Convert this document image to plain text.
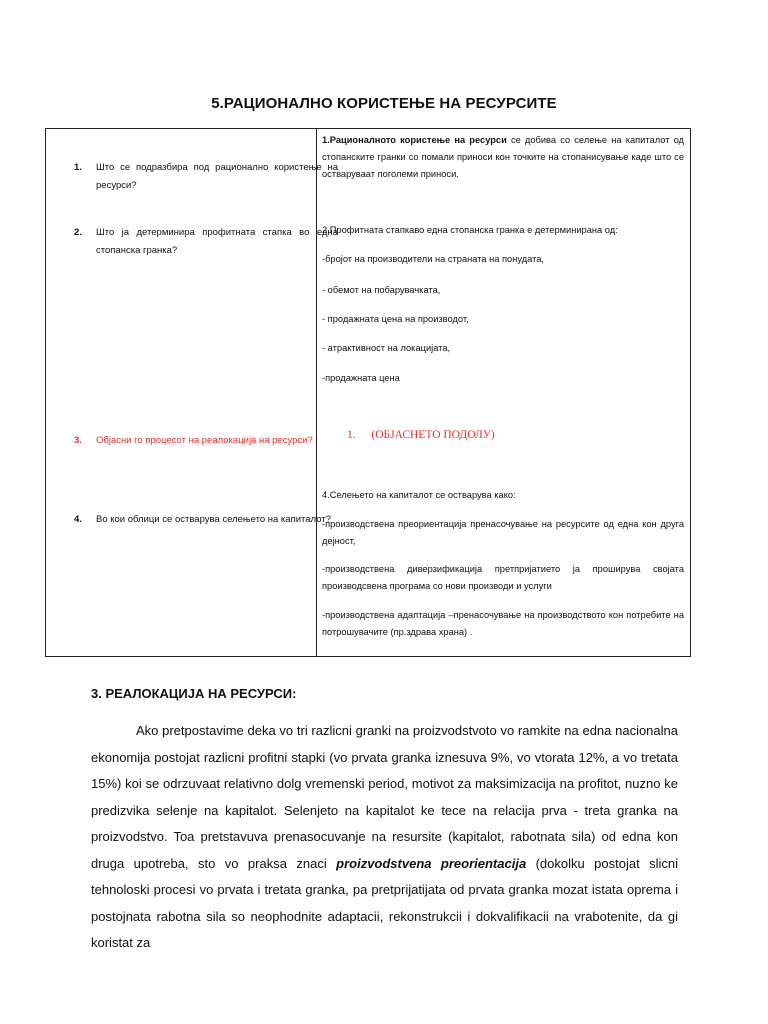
5.РАЦИОНАЛНО КОРИСТЕЊЕ НА РЕСУРСИТЕ
1. Што се подразбира под рационално користење на ресурси?
2. Што ја детерминира профитната стапка во една стопанска гранка?
3. Објасни го процесот на реалокација на ресурси?
4. Во кои облици се остварува селењето на капиталот?
1.Рационалното користење на ресурси се добива со селење на капиталот од стопанските гранки со помали приноси кон точките на стопанисување каде што се остваруваат поголеми приноси.
2.Профитната стапкаво една стопанска гранка е детерминирана од:
-бројот на производители на страната на понудата,
- обемот на побарувачката,
- продажната цена на производот,
- атрактивност на локацијата,
-продажната цена
1. (ОБЈАСНЕТО ПОДОЛУ)
4.Селењето на капиталот се остварува како:
-производствена преориентација пренасочување на ресурсите од една кон друга дејност,
-производствена диверзификација претпријатието ја проширува својата производсвена програма со нови производи и услуги
-производствена адаптација –пренасочување на производството кон потребите на потрошувачите (пр.здрава храна) .
3. РЕАЛОКАЦИЈА НА РЕСУРСИ:
Ako pretpostavime deka vo tri razlicni granki na proizvodstvoto vo ramkite na edna nacionalna ekonomija postojat razlicni profitni stapki (vo prvata granka iznesuva 9%, vo vtorata 12%, a vo tretata 15%) koi se odrzuvaat relativno dolg vremenski period, motivot za maksimizacija na profitot, nuzno ke predizvika selenje na kapitalot. Selenjeto na kapitalot ke tece na relacija prva - treta granka na proizvodstvo. Toa pretstavuva prenasocuvanje na resursite (kapitalot, rabotnata sila) od edna kon druga upotreba, sto vo praksa znaci proizvodstvena preorientacija (dokolku postojat slicni tehnoloski procesi vo prvata i tretata granka, pa pretprijatijata od prvata granka mozat istata oprema i postojnata rabotna sila so neophodnite adaptacii, rekonstrukcii i dokvalifikacii na vrabotenite, da gi koristat za
